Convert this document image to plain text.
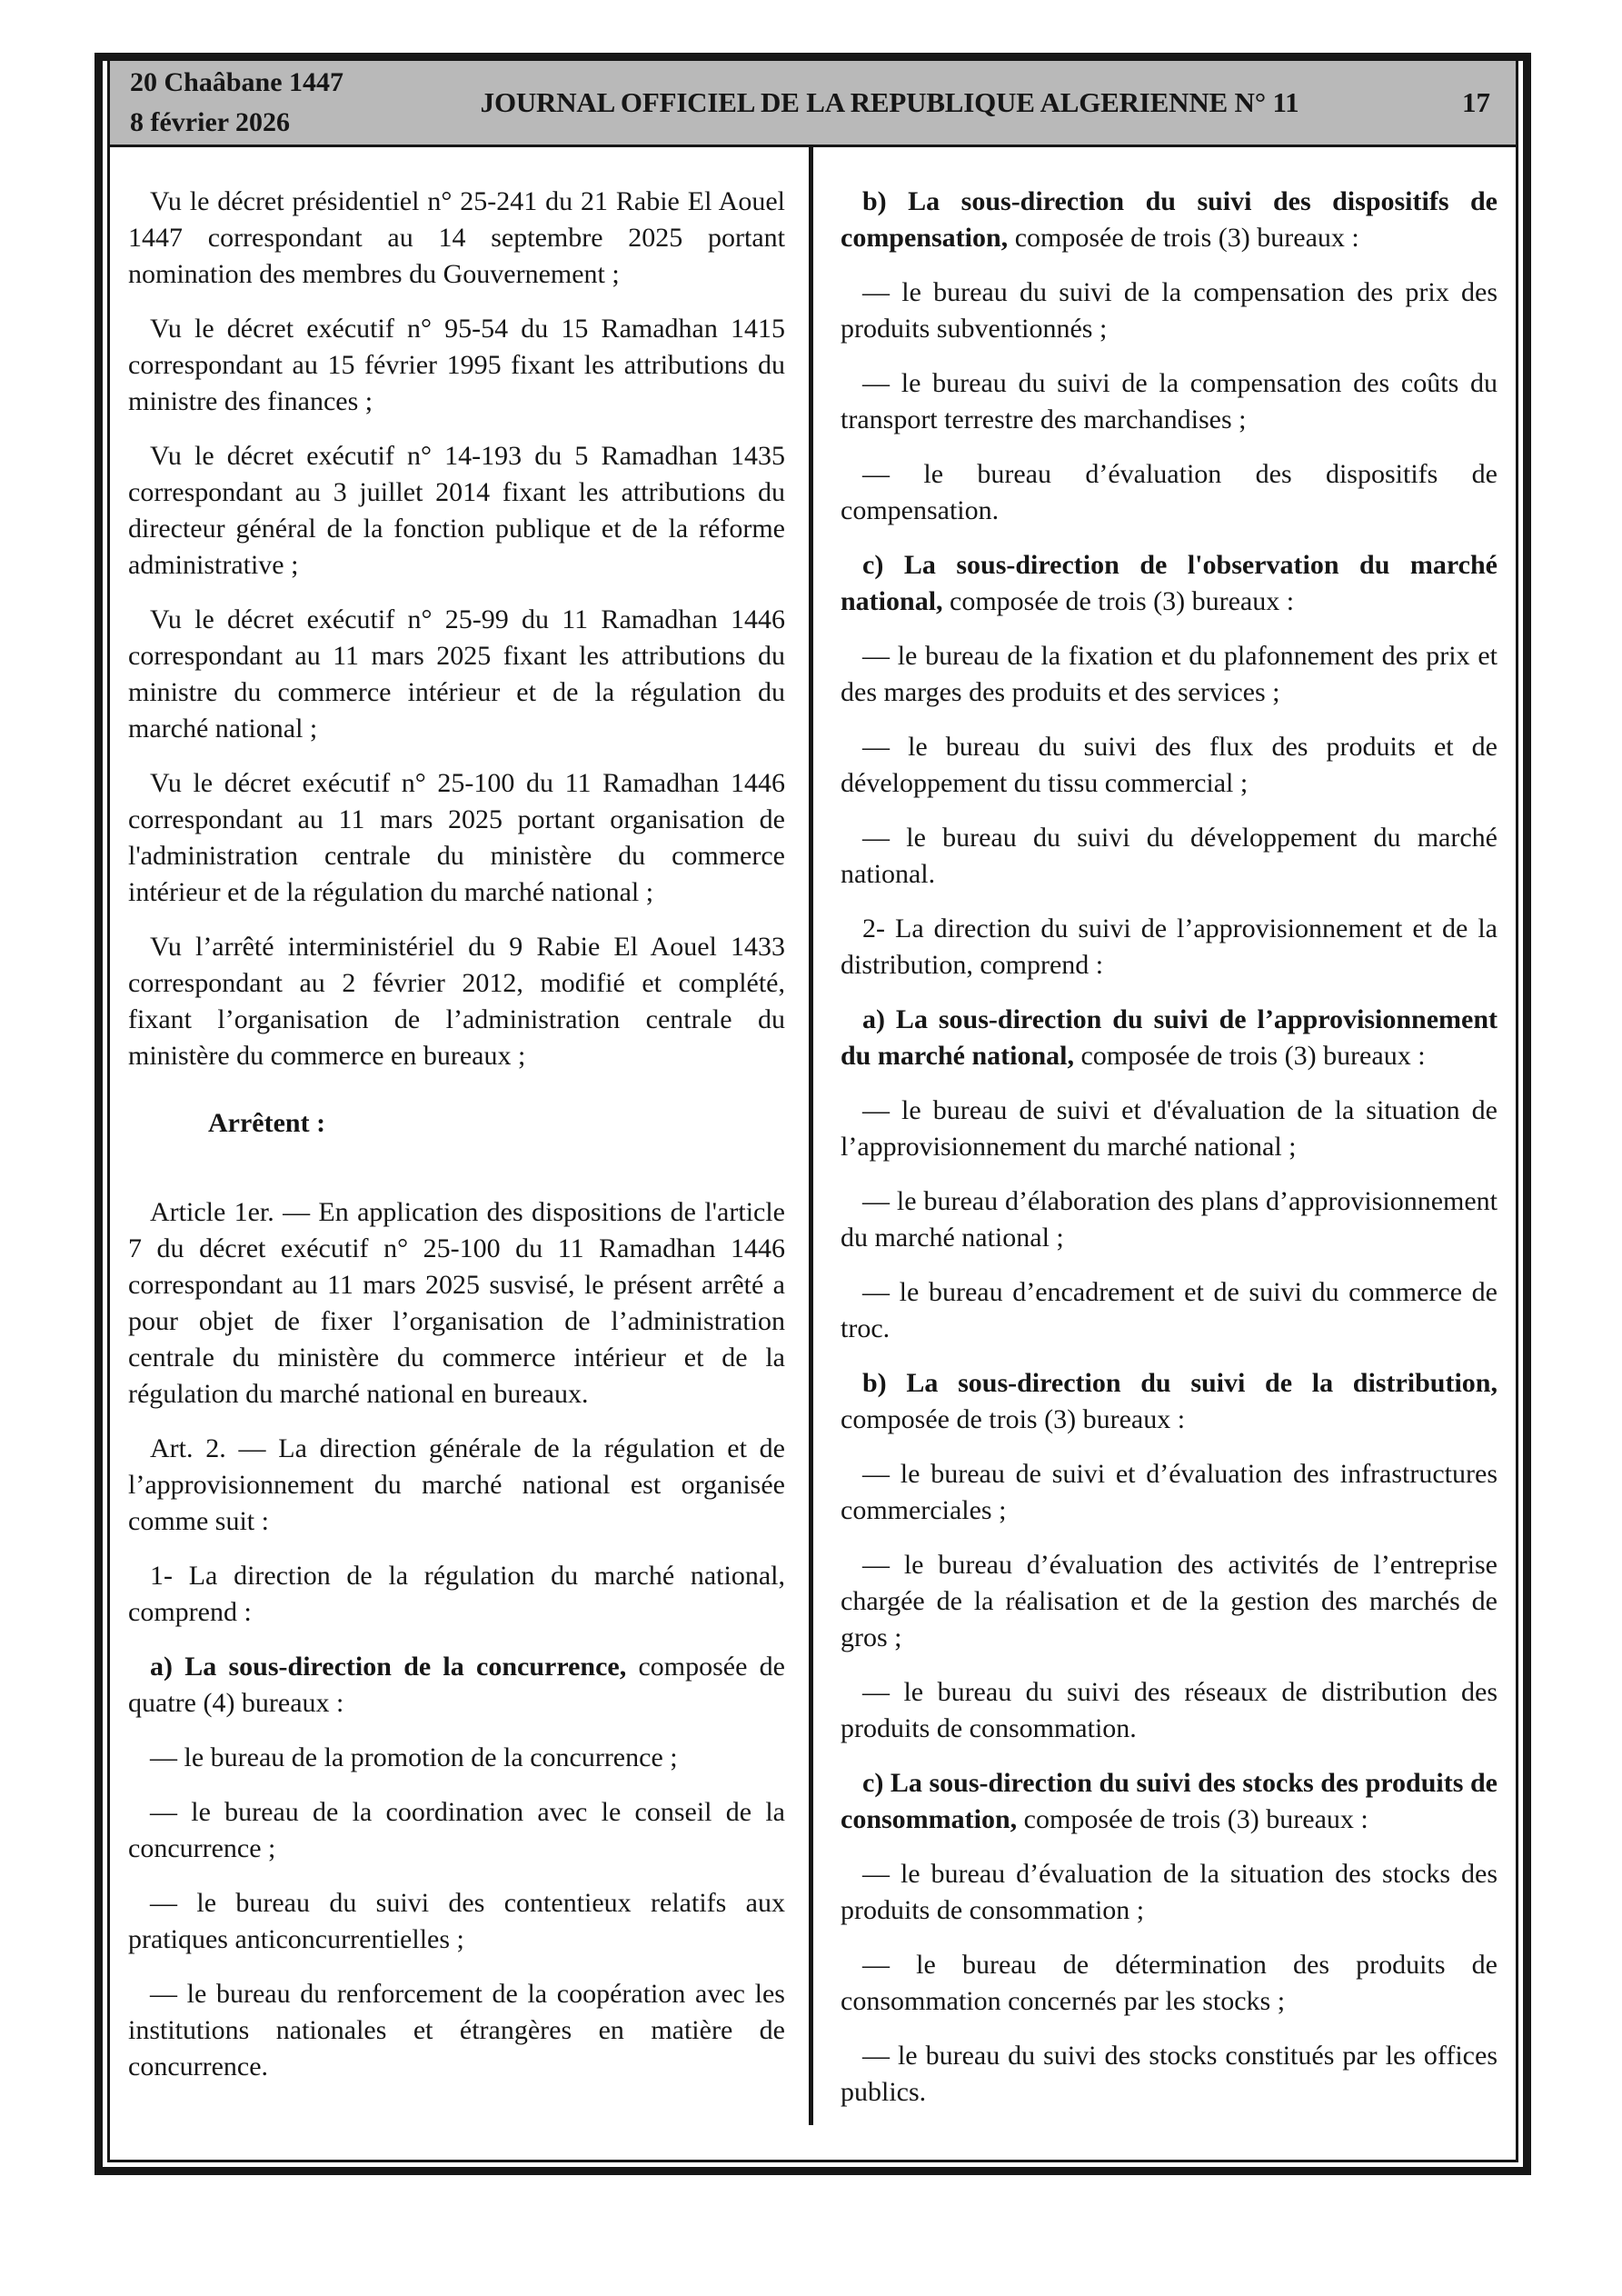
20 Chaâbane 1447
8 février 2026
JOURNAL OFFICIEL DE LA REPUBLIQUE ALGERIENNE N° 11	17

Vu le décret présidentiel n° 25-241 du 21 Rabie El Aouel 1447 correspondant au 14 septembre 2025 portant nomination des membres du Gouvernement ;

Vu le décret exécutif n° 95-54 du 15 Ramadhan 1415 correspondant au 15 février 1995 fixant les attributions du ministre des finances ;

Vu le décret exécutif n° 14-193 du 5 Ramadhan 1435 correspondant au 3 juillet 2014 fixant les attributions du directeur général de la fonction publique et de la réforme administrative ;

Vu le décret exécutif n° 25-99 du 11 Ramadhan 1446 correspondant au 11 mars 2025 fixant les attributions du ministre du commerce intérieur et de la régulation du marché national ;

Vu le décret exécutif n° 25-100 du 11 Ramadhan 1446 correspondant au 11 mars 2025 portant organisation de l'administration centrale du ministère du commerce intérieur et de la régulation du marché national ;

Vu l’arrêté interministériel du 9 Rabie El Aouel 1433 correspondant au 2 février 2012, modifié et complété, fixant l’organisation de l’administration centrale du ministère du commerce en bureaux ;

Arrêtent :

Article 1er. — En application des dispositions de l'article 7 du décret exécutif n° 25-100 du 11 Ramadhan 1446 correspondant au 11 mars 2025 susvisé, le présent arrêté a pour objet de fixer l’organisation de l’administration centrale du ministère du commerce intérieur et de la régulation du marché national en bureaux.

Art. 2. — La direction générale de la régulation et de l’approvisionnement du marché national est organisée comme suit :

1- La direction de la régulation du marché national, comprend :

a) La sous-direction de la concurrence, composée de quatre (4) bureaux :

— le bureau de la promotion de la concurrence ;

— le bureau de la coordination avec le conseil de la concurrence ;

— le bureau du suivi des contentieux relatifs aux pratiques anticoncurrentielles ;

— le bureau du renforcement de la coopération avec les institutions nationales et étrangères en matière de concurrence.

b) La sous-direction du suivi des dispositifs de compensation, composée de trois (3) bureaux :

— le bureau du suivi de la compensation des prix des produits subventionnés ;

— le bureau du suivi de la compensation des coûts du transport terrestre des marchandises ;

— le bureau d’évaluation des dispositifs de compensation.

c) La sous-direction de l'observation du marché national, composée de trois (3) bureaux :

— le bureau de la fixation et du plafonnement des prix et des marges des produits et des services ;

— le bureau du suivi des flux des produits et de développement du tissu commercial ;

— le bureau du suivi du développement du marché national.

2- La direction du suivi de l’approvisionnement et de la distribution, comprend :

a) La sous-direction du suivi de l’approvisionnement du marché national, composée de trois (3) bureaux :

— le bureau de suivi et d'évaluation de la situation de l’approvisionnement du marché national ;

— le bureau d’élaboration des plans d’approvisionnement du marché national ;

— le bureau d’encadrement et de suivi du commerce de troc.

b) La sous-direction du suivi de la distribution, composée de trois (3) bureaux :

— le bureau de suivi et d’évaluation des infrastructures commerciales ;

— le bureau d’évaluation des activités de l’entreprise chargée de la réalisation et de la gestion des marchés de gros ;

— le bureau du suivi des réseaux de distribution des produits de consommation.

c) La sous-direction du suivi des stocks des produits de consommation, composée de trois (3) bureaux :

— le bureau d’évaluation de la situation des stocks des produits de consommation ;

— le bureau de détermination des produits de consommation concernés par les stocks ;

— le bureau du suivi des stocks constitués par les offices publics.
